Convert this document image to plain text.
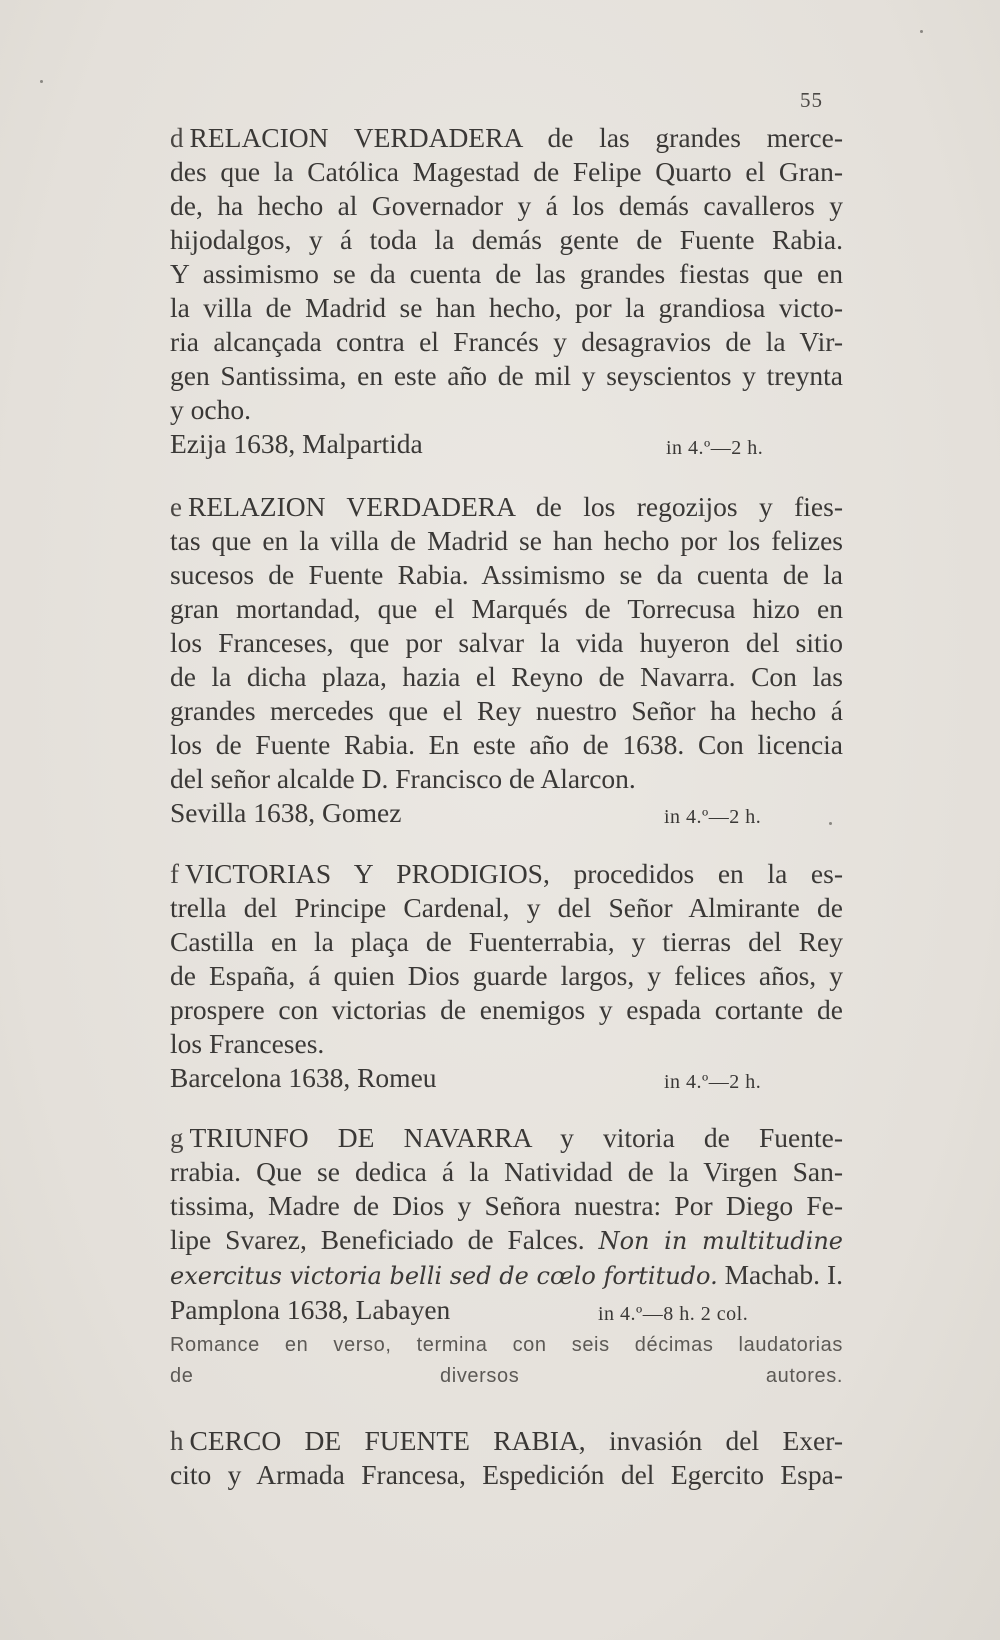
55
d RELACION VERDADERA de las grandes merce-
des que la Católica Magestad de Felipe Quarto el Gran-
de, ha hecho al Governador y á los demás cavalleros y
hijodalgos, y á toda la demás gente de Fuente Rabia.
Y assimismo se da cuenta de las grandes fiestas que en
la villa de Madrid se han hecho, por la grandiosa victo-
ria alcançada contra el Francés y desagravios de la Vir-
gen Santissima, en este año de mil y seyscientos y treynta
y ocho.
Ezija 1638, Malpartida	in 4.º—2 h.
e RELAZION VERDADERA de los regozijos y fies-
tas que en la villa de Madrid se han hecho por los felizes
sucesos de Fuente Rabia. Assimismo se da cuenta de la
gran mortandad, que el Marqués de Torrecusa hizo en
los Franceses, que por salvar la vida huyeron del sitio
de la dicha plaza, hazia el Reyno de Navarra. Con las
grandes mercedes que el Rey nuestro Señor ha hecho á
los de Fuente Rabia. En este año de 1638. Con licencia
del señor alcalde D. Francisco de Alarcon.
Sevilla 1638, Gomez	in 4.º—2 h.
f VICTORIAS Y PRODIGIOS, procedidos en la es-
trella del Principe Cardenal, y del Señor Almirante de
Castilla en la plaça de Fuenterrabia, y tierras del Rey
de España, á quien Dios guarde largos, y felices años, y
prospere con victorias de enemigos y espada cortante de
los Franceses.
Barcelona 1638, Romeu	in 4.º—2 h.
g TRIUNFO DE NAVARRA y vitoria de Fuente-
rrabia. Que se dedica á la Natividad de la Virgen San-
tissima, Madre de Dios y Señora nuestra: Por Diego Fe-
lipe Svarez, Beneficiado de Falces. Non in multitudine
exercitus victoria belli sed de cœlo fortitudo. Machab. I.
Pamplona 1638, Labayen	in 4.º—8 h. 2 col.
Romance en verso, termina con seis décimas laudatorias
de diversos autores.
h CERCO DE FUENTE RABIA, invasión del Exer-
cito y Armada Francesa, Espedición del Egercito Espa-
